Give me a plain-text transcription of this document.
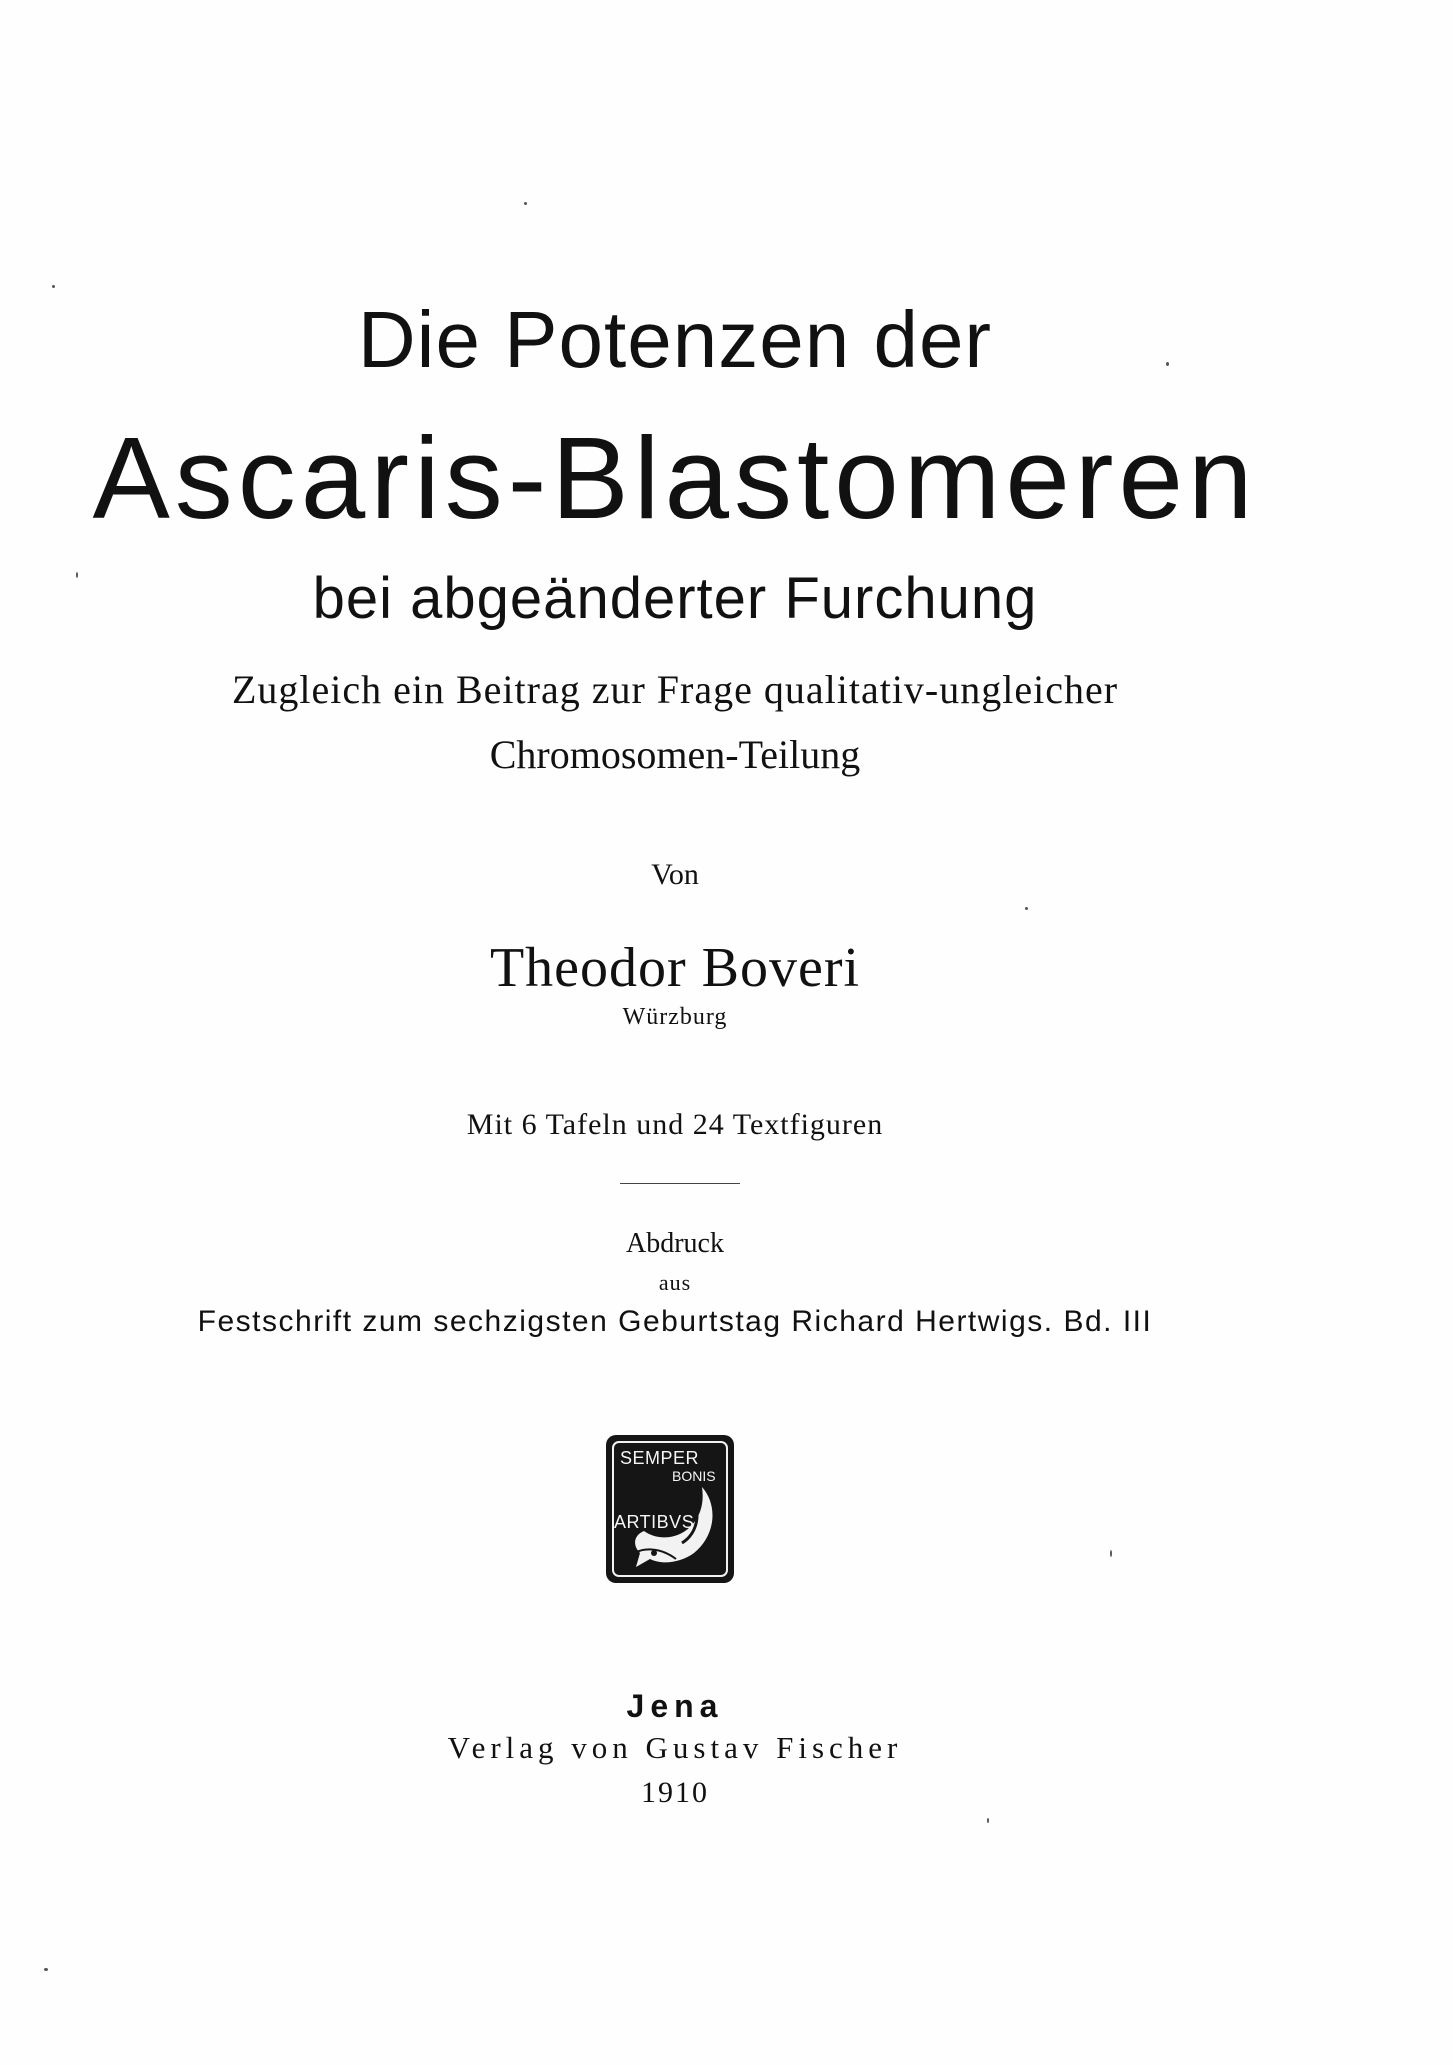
Die Potenzen der
Ascaris-Blastomeren
bei abgeänderter Furchung
Zugleich ein Beitrag zur Frage qualitativ-ungleicher
Chromosomen-Teilung
Von
Theodor Boveri
Würzburg
Mit 6 Tafeln und 24 Textfiguren
Abdruck
aus
Festschrift zum sechzigsten Geburtstag Richard Hertwigs. Bd. III
SEMPER
BONIS
ARTIBVS
Jena
Verlag von Gustav Fischer
1910
